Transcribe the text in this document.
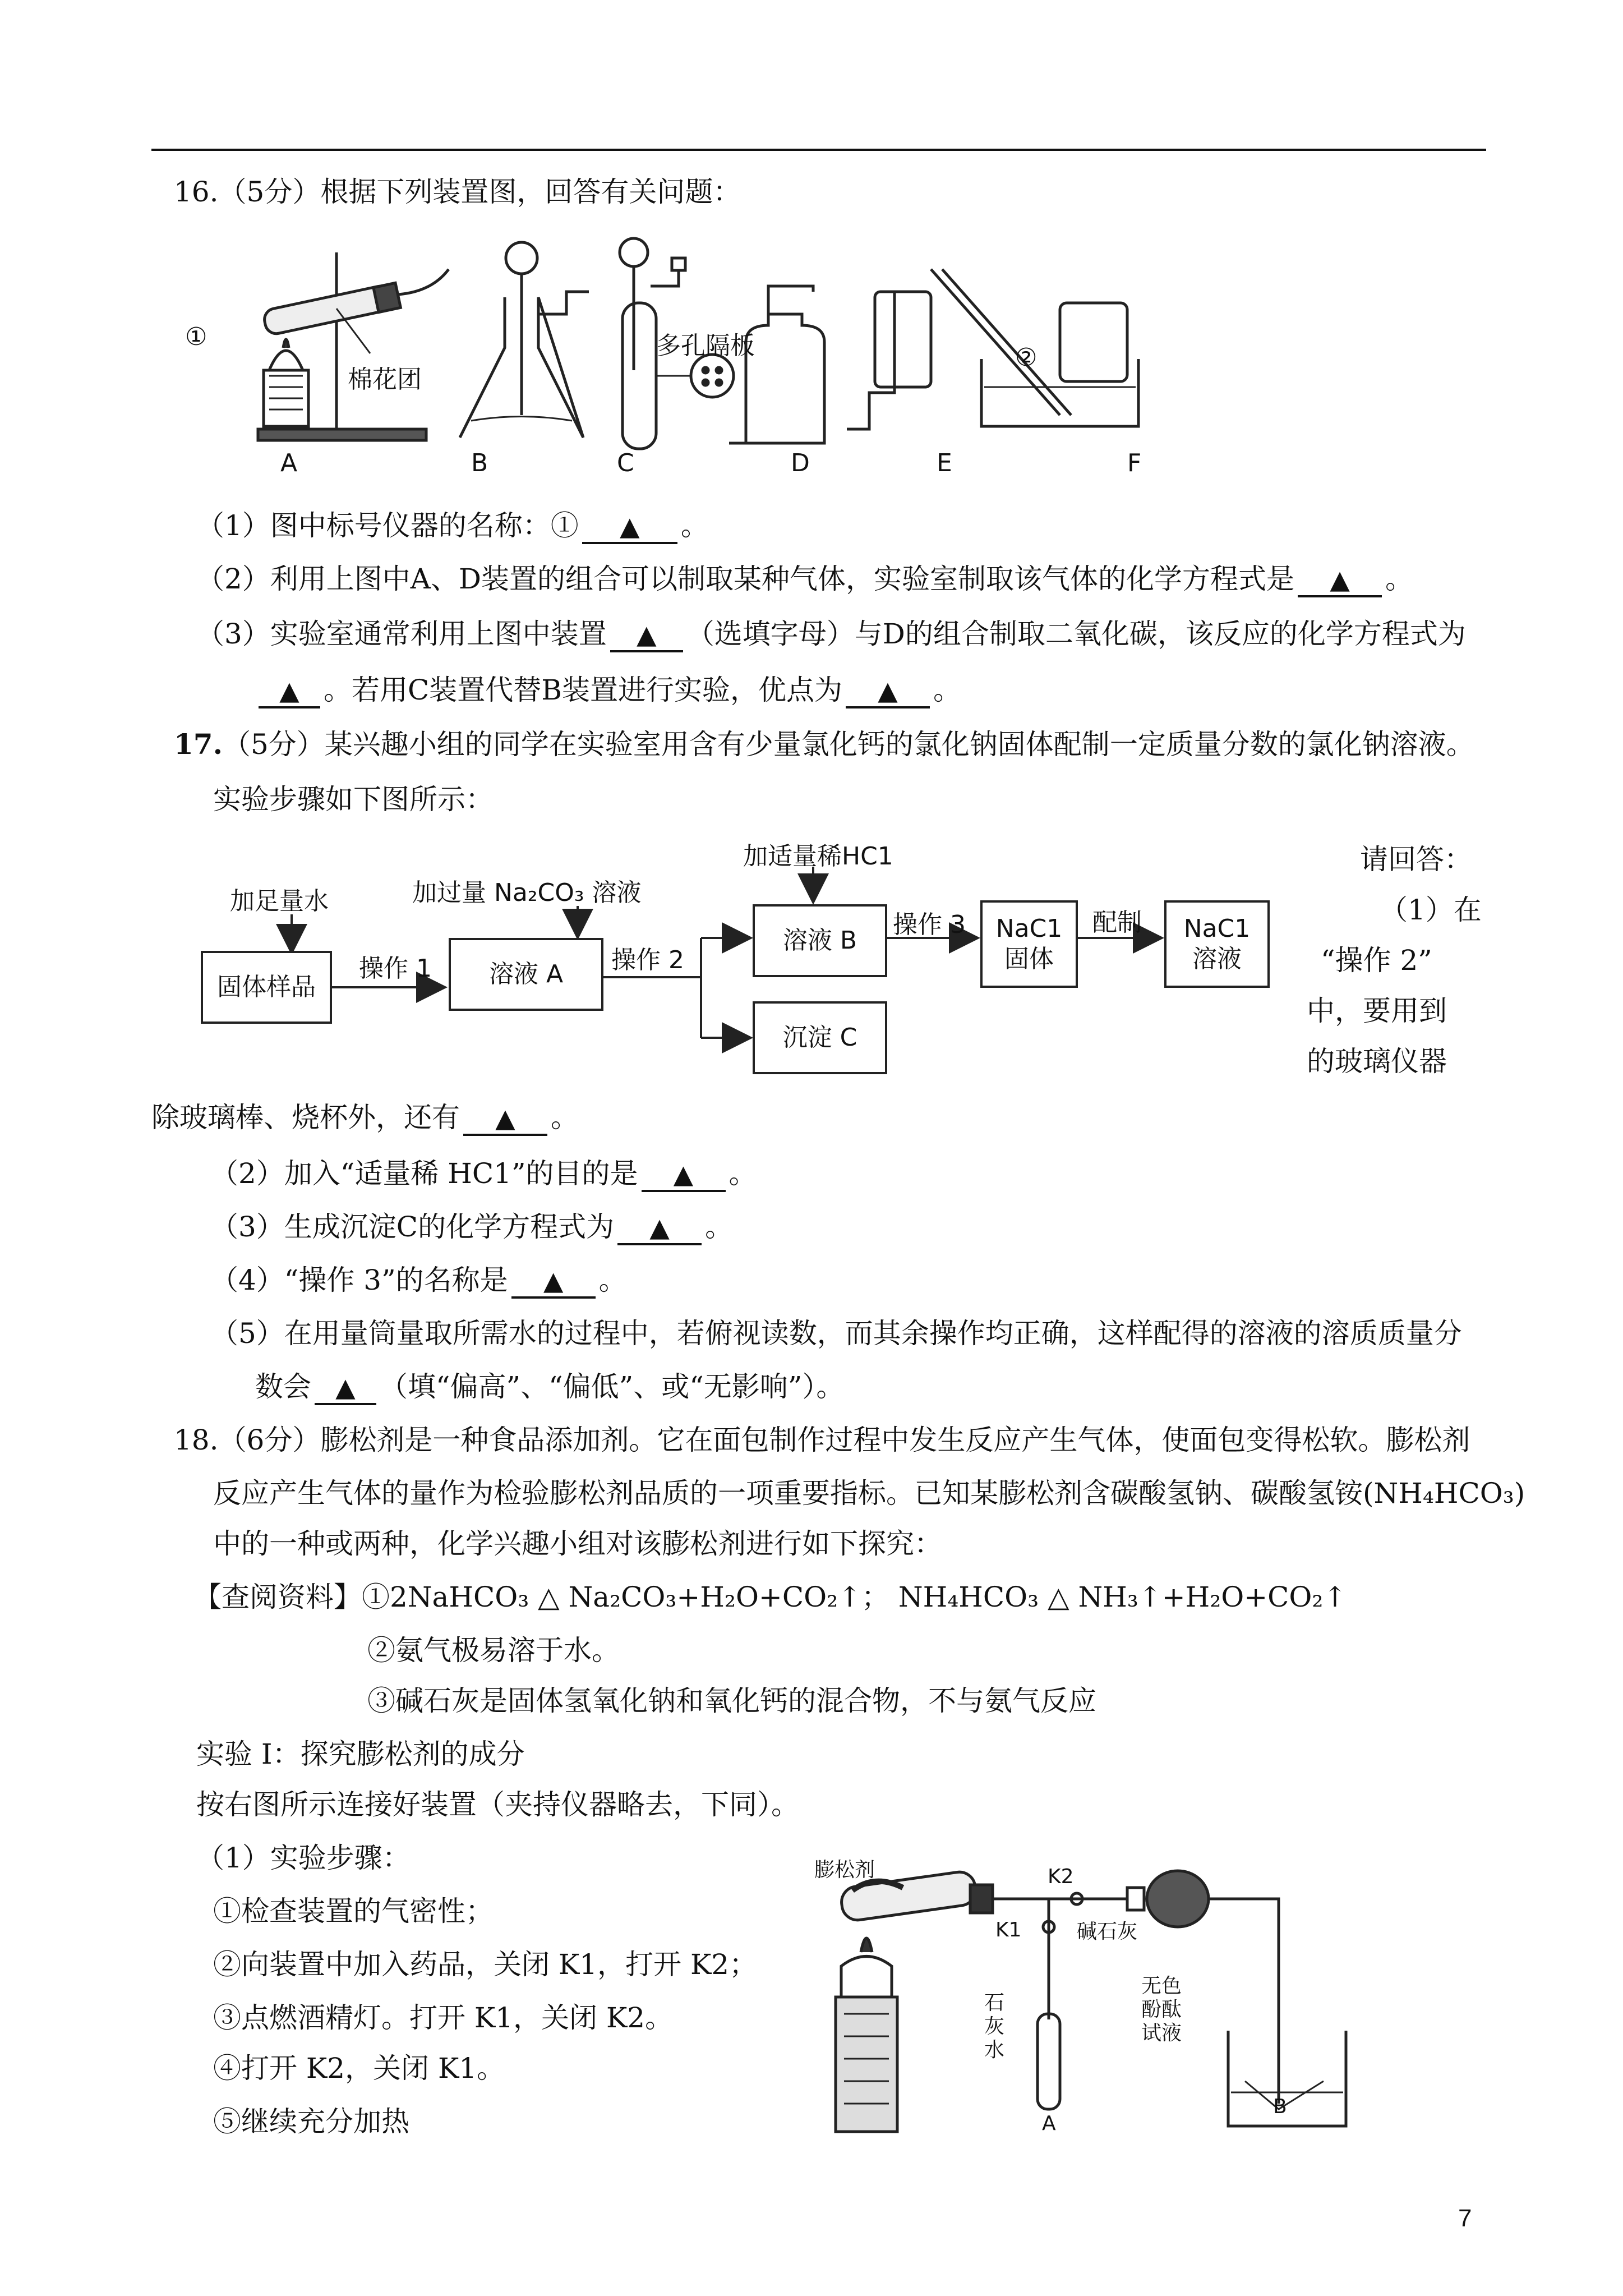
16.（5分）根据下列装置图，回答有关问题：
①
棉花团
多孔隔板	②
A	B	C	D	E	F
（1）图中标号仪器的名称：① ▲ 。
（2）利用上图中A、D装置的组合可以制取某种气体，实验室制取该气体的化学方程式是 ▲ 。
（3）实验室通常利用上图中装置 ▲ （选填字母）与D的组合制取二氧化碳，该反应的化学方程式为
▲ 。若用C装置代替B装置进行实验，优点为 ▲ 。
17.（5分）某兴趣小组的同学在实验室用含有少量氯化钙的氯化钠固体配制一定质量分数的氯化钠溶液。
实验步骤如下图所示：
固体样品
加足量水
操作 1
加过量 Na₂CO₃ 溶液
溶液 A	操作 2
加适量稀HC1
溶液 B
沉淀 C
操作 3 NaC1
固体
配制 NaC1
溶液
请回答：
（1）在
“操作 2”
中，要用到
的玻璃仪器
除玻璃棒、烧杯外，还有 ▲ 。
（2）加入“适量稀 HC1”的目的是 ▲ 。
（3）生成沉淀C的化学方程式为 ▲ 。
（4）“操作 3”的名称是 ▲ 。
（5）在用量筒量取所需水的过程中，若俯视读数，而其余操作均正确，这样配得的溶液的溶质质量分
数会 ▲ （填“偏高”、“偏低”、或“无影响”）。
18.（6分）膨松剂是一种食品添加剂。它在面包制作过程中发生反应产生气体，使面包变得松软。膨松剂
反应产生气体的量作为检验膨松剂品质的一项重要指标。已知某膨松剂含碳酸氢钠、碳酸氢铵(NH₄HCO₃)
中的一种或两种，化学兴趣小组对该膨松剂进行如下探究：
【查阅资料】①2NaHCO₃ △ Na₂CO₃+H₂O+CO₂↑； NH₄HCO₃ △ NH₃↑+H₂O+CO₂↑
②氨气极易溶于水。
③碱石灰是固体氢氧化钠和氧化钙的混合物，不与氨气反应
实验 I：探究膨松剂的成分
按右图所示连接好装置（夹持仪器略去，下同）。
（1）实验步骤：
①检查装置的气密性；
②向装置中加入药品，关闭 K1，打开 K2；
③点燃酒精灯。打开 K1，关闭 K2。
④打开 K2，关闭 K1。
⑤继续充分加热
膨松剂	K2
K1	碱石灰
石
灰
水
无色
酚酞
试液
A
B
7
